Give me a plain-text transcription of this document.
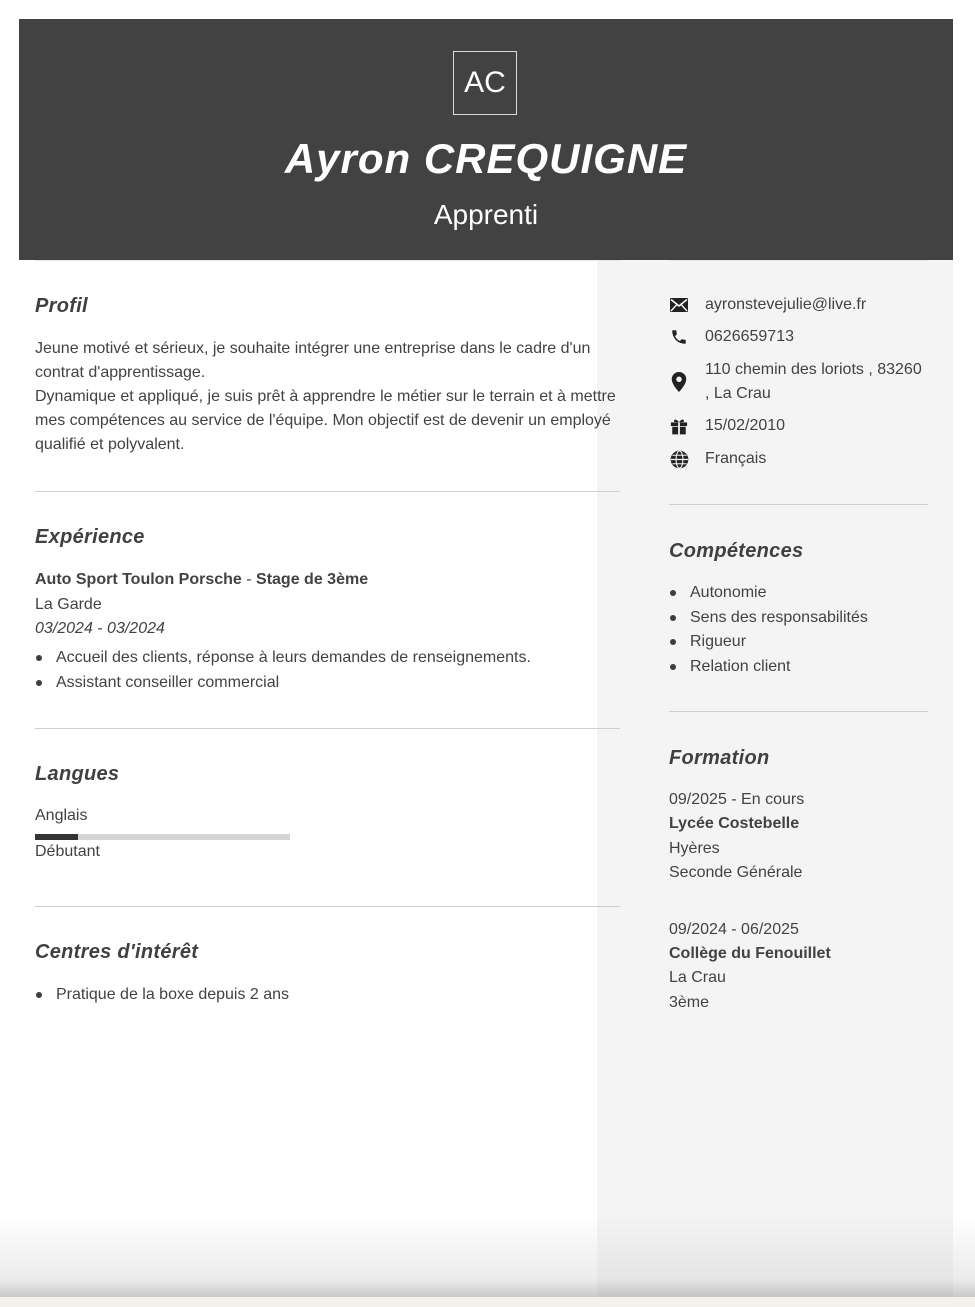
AC
Ayron CREQUIGNE
Apprenti
Profil

Jeune motivé et sérieux, je souhaite intégrer une entreprise dans le cadre d'un contrat d'apprentissage.

Dynamique et appliqué, je suis prêt à apprendre le métier sur le terrain et à mettre mes compétences au service de l'équipe. Mon objectif est de devenir un employé qualifié et polyvalent.

Expérience
Auto Sport Toulon Porsche - Stage de 3ème
La Garde
03/2024 - 03/2024
Accueil des clients, réponse à leurs demandes de renseignements.
Assistant conseiller commercial
Langues
Anglais
Débutant
Centres d'intérêt
Pratique de la boxe depuis 2 ans
ayronstevejulie@live.fr
0626659713
110 chemin des loriots , 83260
, La Crau
15/02/2010
Français
Compétences
Autonomie
Sens des responsabilités
Rigueur
Relation client
Formation
09/2025 - En cours
Lycée Costebelle
Hyères
Seconde Générale
09/2024 - 06/2025
Collège du Fenouillet
La Crau
3ème
